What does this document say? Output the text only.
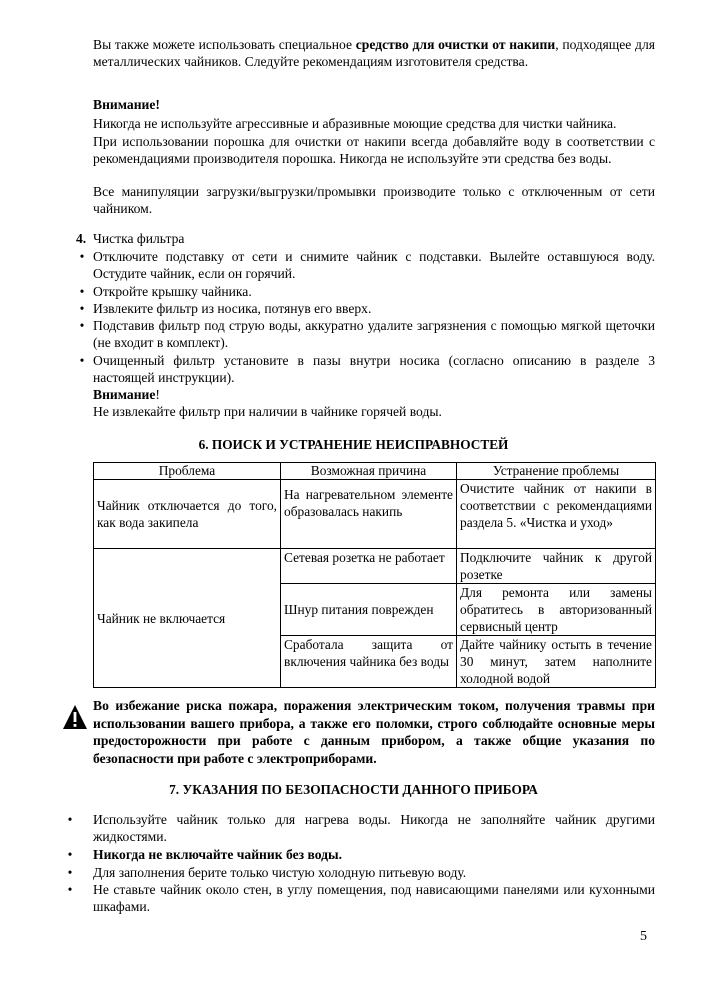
Вы также можете использовать специальное средство для очистки от накипи, подходящее для металлических чайников. Следуйте рекомендациям изготовителя средства.

Внимание!

Никогда не используйте агрессивные и абразивные моющие средства для чистки чайника.

При использовании порошка для очистки от накипи всегда добавляйте воду в соответствии с рекомендациями производителя порошка. Никогда не используйте эти средства без воды.

Все манипуляции загрузки/выгрузки/промывки производите только с отключенным от сети чайником.

4. Чистка фильтра

• Отключите подставку от сети и снимите чайник с подставки. Вылейте оставшуюся воду. Остудите чайник, если он горячий.

• Откройте крышку чайника.

• Извлеките фильтр из носика, потянув его вверх.

• Подставив фильтр под струю воды, аккуратно удалите загрязнения с помощью мягкой щеточки (не входит в комплект).

• Очищенный фильтр установите в пазы внутри носика (согласно описанию в разделе 3 настоящей инструкции).

Внимание!

Не извлекайте фильтр при наличии в чайнике горячей воды.

6. ПОИСК И УСТРАНЕНИЕ НЕИСПРАВНОСТЕЙ
Проблема	Возможная причина	Устранение проблемы
Чайник отключается до того, как вода закипела	На нагревательном элементе образовалась накипь	Очистите чайник от накипи в соответствии с рекомендациями раздела 5. «Чистка и уход»
Чайник не включается	Сетевая розетка не работает	Подключите чайник к другой розетке
	Шнур питания поврежден	Для ремонта или замены обратитесь в авторизованный сервисный центр
	Сработала защита от включения чайника без воды	Дайте чайнику остыть в течение 30 минут, затем наполните холодной водой
Во избежание риска пожара, поражения электрическим током, получения травмы при использовании вашего прибора, а также его поломки, строго соблюдайте основные меры предосторожности при работе с данным прибором, а также общие указания по безопасности при работе с электроприборами.
7. УКАЗАНИЯ ПО БЕЗОПАСНОСТИ ДАННОГО ПРИБОРА
• Используйте чайник только для нагрева воды. Никогда не заполняйте чайник другими жидкостями.

• Никогда не включайте чайник без воды.

• Для заполнения берите только чистую холодную питьевую воду.

• Не ставьте чайник около стен, в углу помещения, под нависающими панелями или кухонными шкафами.

5
